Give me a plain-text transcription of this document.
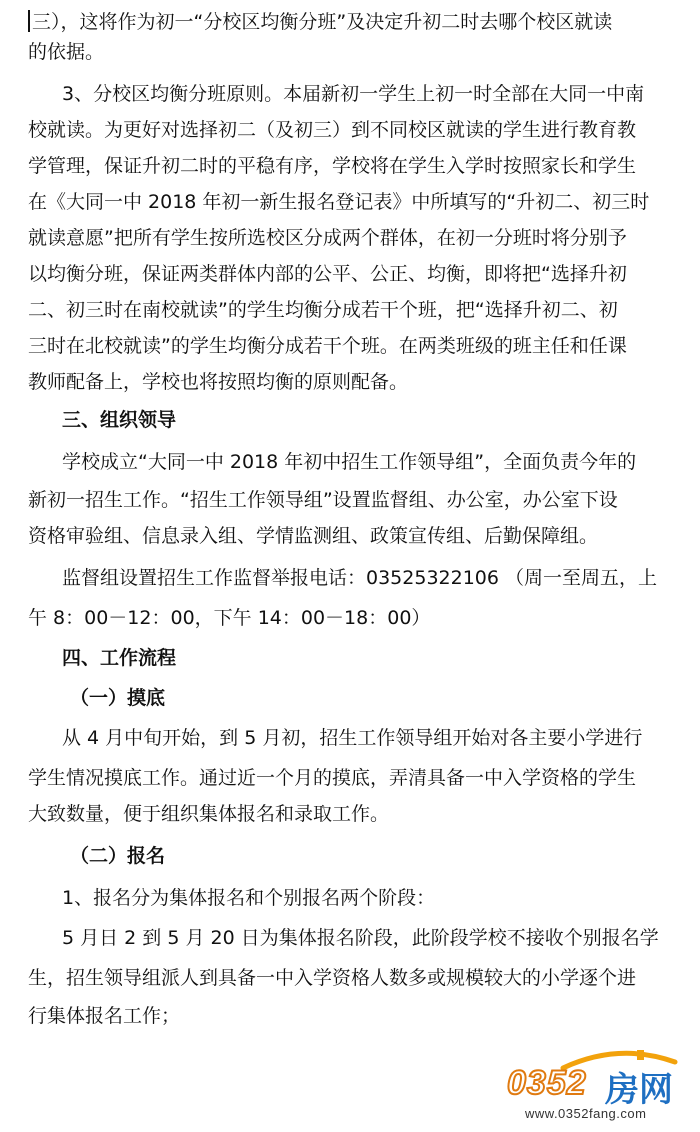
三），这将作为初一“分校区均衡分班”及决定升初二时去哪个校区就读
的依据。
3、分校区均衡分班原则。本届新初一学生上初一时全部在大同一中南
校就读。为更好对选择初二（及初三）到不同校区就读的学生进行教育教
学管理，保证升初二时的平稳有序，学校将在学生入学时按照家长和学生
在《大同一中 2018 年初一新生报名登记表》中所填写的“升初二、初三时
就读意愿”把所有学生按所选校区分成两个群体，在初一分班时将分别予
以均衡分班，保证两类群体内部的公平、公正、均衡，即将把“选择升初
二、初三时在南校就读”的学生均衡分成若干个班，把“选择升初二、初
三时在北校就读”的学生均衡分成若干个班。在两类班级的班主任和任课
教师配备上，学校也将按照均衡的原则配备。
三、组织领导
学校成立“大同一中 2018 年初中招生工作领导组”，全面负责今年的
新初一招生工作。“招生工作领导组”设置监督组、办公室，办公室下设
资格审验组、信息录入组、学情监测组、政策宣传组、后勤保障组。
监督组设置招生工作监督举报电话：03525322106 （周一至周五，上
午 8：00－12：00，下午 14：00－18：00）
四、工作流程
（一）摸底
从 4 月中旬开始，到 5 月初，招生工作领导组开始对各主要小学进行
学生情况摸底工作。通过近一个月的摸底，弄清具备一中入学资格的学生
大致数量，便于组织集体报名和录取工作。
（二）报名
1、报名分为集体报名和个别报名两个阶段：
5 月日 2 到 5 月 20 日为集体报名阶段，此阶段学校不接收个别报名学
生，招生领导组派人到具备一中入学资格人数多或规模较大的小学逐个进
行集体报名工作；
0352 房网
www.0352fang.com
